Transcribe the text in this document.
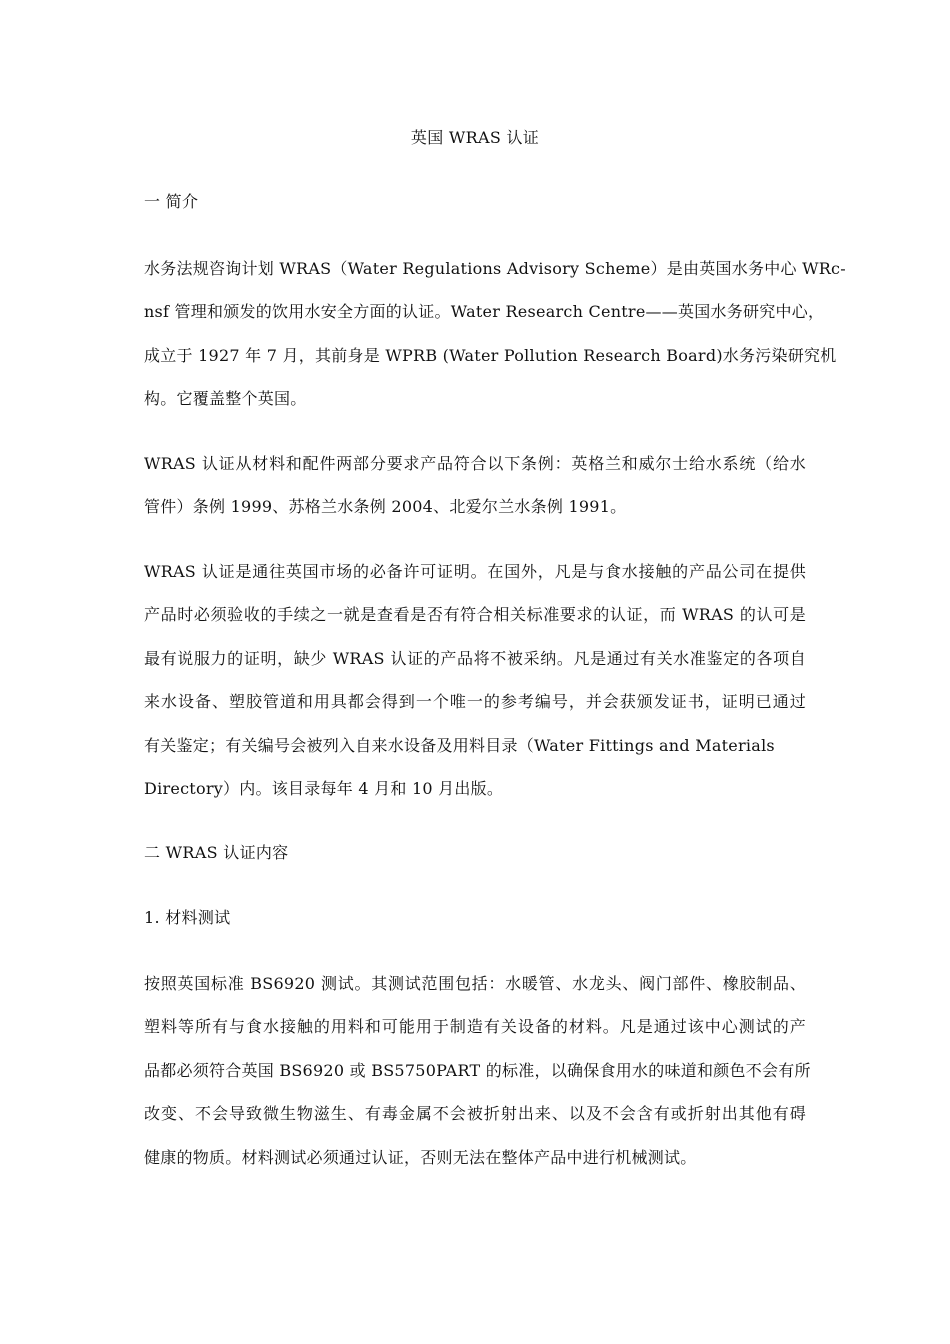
英国 WRAS 认证
一 简介
水务法规咨询计划 WRAS（Water Regulations Advisory Scheme）是由英国水务中心 WRc-
nsf 管理和颁发的饮用水安全方面的认证。Water Research Centre——英国水务研究中心，
成立于 1927 年 7 月，其前身是 WPRB (Water Pollution Research Board)水务污染研究机
构。它覆盖整个英国。
WRAS 认证从材料和配件两部分要求产品符合以下条例：英格兰和威尔士给水系统（给水
管件）条例 1999、苏格兰水条例 2004、北爱尔兰水条例 1991。
WRAS 认证是通往英国市场的必备许可证明。在国外，凡是与食水接触的产品公司在提供
产品时必须验收的手续之一就是查看是否有符合相关标准要求的认证，而 WRAS 的认可是
最有说服力的证明，缺少 WRAS 认证的产品将不被采纳。凡是通过有关水准鉴定的各项自
来水设备、塑胶管道和用具都会得到一个唯一的参考编号，并会获颁发证书，证明已通过
有关鉴定；有关编号会被列入自来水设备及用料目录（Water Fittings and Materials
Directory）内。该目录每年 4 月和 10 月出版。
二 WRAS 认证内容
1. 材料测试
按照英国标准 BS6920 测试。其测试范围包括：水暖管、水龙头、阀门部件、橡胶制品、
塑料等所有与食水接触的用料和可能用于制造有关设备的材料。凡是通过该中心测试的产
品都必须符合英国 BS6920 或 BS5750PART 的标准，以确保食用水的味道和颜色不会有所
改变、不会导致微生物滋生、有毒金属不会被折射出来、以及不会含有或折射出其他有碍
健康的物质。材料测试必须通过认证，否则无法在整体产品中进行机械测试。
